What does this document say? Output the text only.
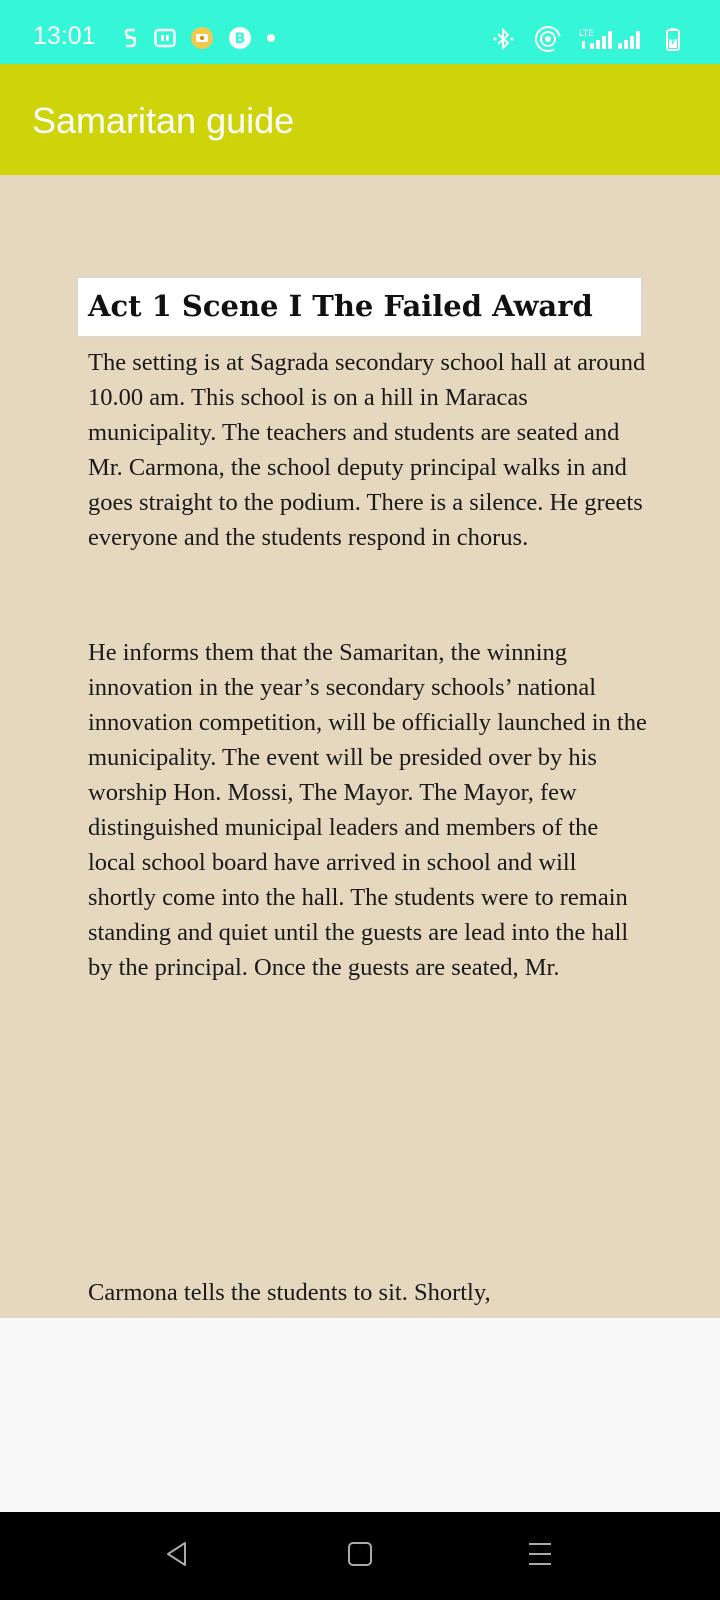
13:01	B	LTE
Samaritan guide
Act 1 Scene I The Failed Award

The setting is at Sagrada secondary school hall at around 10.00 am. This school is on a hill in Maracas municipality. The teachers and students are seated and Mr. Carmona, the school deputy principal walks in and goes straight to the podium. There is a silence. He greets everyone and the students respond in chorus.

He informs them that the Samaritan, the winning innovation in the year’s secondary schools’ national innovation competition, will be officially launched in the municipality. The event will be presided over by his worship Hon. Mossi, The Mayor. The Mayor, few distinguished municipal leaders and members of the local school board have arrived in school and will shortly come into the hall. The students were to remain standing and quiet until the guests are lead into the hall by the principal. Once the guests are seated, Mr.

Carmona tells the students to sit. Shortly,
